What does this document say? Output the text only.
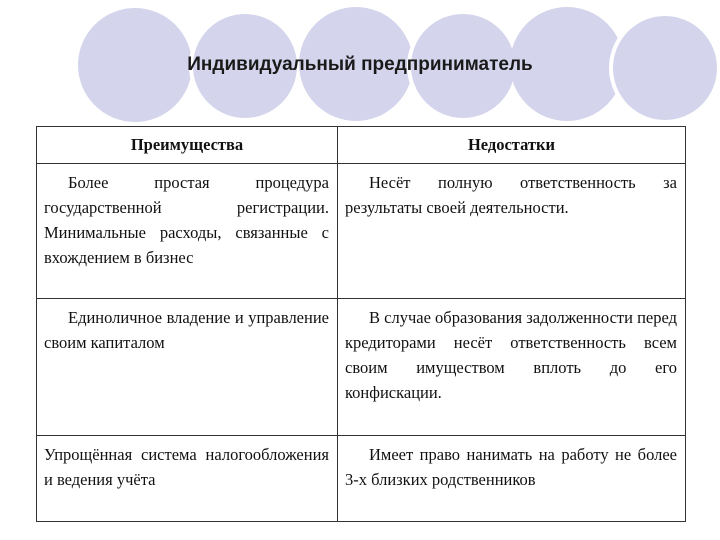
Индивидуальный предприниматель
Преимущества	Недостатки

Более простая процедура государственной регистрации. Минимальные расходы, связанные с вхождением в бизнес	Несёт полную ответственность за результаты своей деятельности.

Единоличное владение и управление своим капиталом	В случае образования задолженности перед кредиторами несёт ответственность всем своим имуществом вплоть до его конфискации.

Упрощённая система налогообложения и ведения учёта	Имеет право нанимать на работу не более 3-х близких родственников
